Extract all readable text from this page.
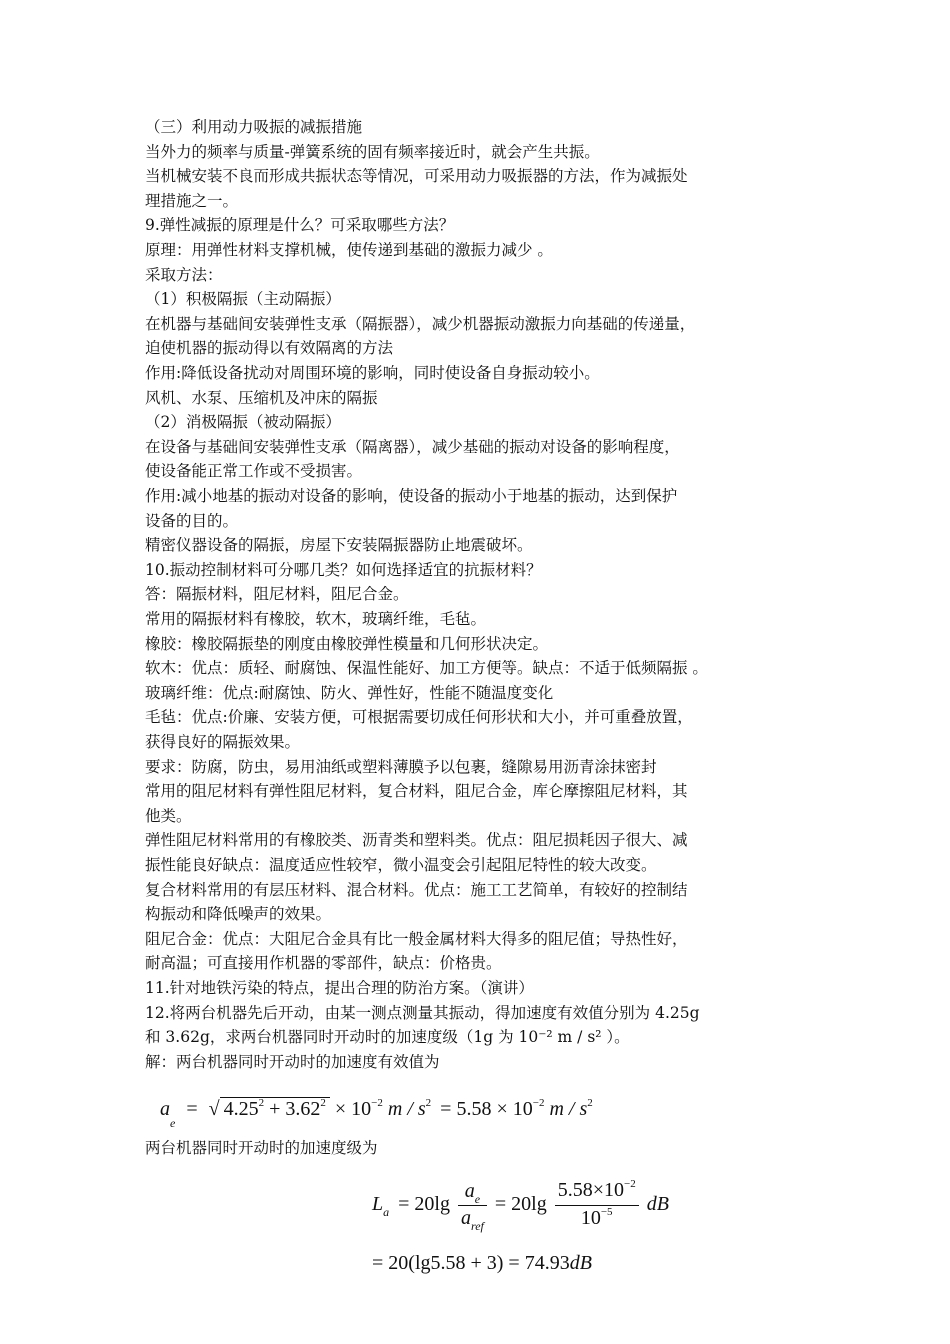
（三）利用动力吸振的减振措施
当外力的频率与质量-弹簧系统的固有频率接近时，就会产生共振。
当机械安装不良而形成共振状态等情况，可采用动力吸振器的方法，作为减振处
理措施之一。
9.弹性减振的原理是什么？可采取哪些方法？
原理：用弹性材料支撑机械，使传递到基础的激振力减少 。
采取方法：
（1）积极隔振（主动隔振）
在机器与基础间安装弹性支承（隔振器），减少机器振动激振力向基础的传递量，
迫使机器的振动得以有效隔离的方法
作用:降低设备扰动对周围环境的影响，同时使设备自身振动较小。
风机、水泵、压缩机及冲床的隔振
（2）消极隔振（被动隔振）
在设备与基础间安装弹性支承（隔离器），减少基础的振动对设备的影响程度，
使设备能正常工作或不受损害。
作用:减小地基的振动对设备的影响，使设备的振动小于地基的振动，达到保护
设备的目的。
精密仪器设备的隔振，房屋下安装隔振器防止地震破坏。
10.振动控制材料可分哪几类？如何选择适宜的抗振材料？
答：隔振材料，阻尼材料，阻尼合金。
常用的隔振材料有橡胶，软木，玻璃纤维，毛毡。
橡胶：橡胶隔振垫的刚度由橡胶弹性模量和几何形状决定。
软木：优点：质轻、耐腐蚀、保温性能好、加工方便等。缺点：不适于低频隔振 。
玻璃纤维：优点:耐腐蚀、防火、弹性好，性能不随温度变化
毛毡：优点:价廉、安装方便，可根据需要切成任何形状和大小，并可重叠放置，
获得良好的隔振效果。
要求：防腐，防虫，易用油纸或塑料薄膜予以包裹，缝隙易用沥青涂抹密封
常用的阻尼材料有弹性阻尼材料，复合材料，阻尼合金，库仑摩擦阻尼材料，其
他类。
弹性阻尼材料常用的有橡胶类、沥青类和塑料类。优点：阻尼损耗因子很大、减
振性能良好缺点：温度适应性较窄，微小温变会引起阻尼特性的较大改变。
复合材料常用的有层压材料、混合材料。优点：施工工艺简单，有较好的控制结
构振动和降低噪声的效果。
阻尼合金：优点：大阻尼合金具有比一般金属材料大得多的阻尼值；导热性好，
耐高温；可直接用作机器的零部件，缺点：价格贵。
11.针对地铁污染的特点，提出合理的防治方案。（演讲）
12.将两台机器先后开动，由某一测点测量其振动，得加速度有效值分别为 4.25g
和 3.62g，求两台机器同时开动时的加速度级（1g 为 10⁻² m / s² ）。
解：两台机器同时开动时的加速度有效值为
$a_e$ = √ $4.25^2 + 3.62^2 \times 10^{-2}$ $m / s^2 = 5.58 \times 10^{-2}$ m / $s^2$
两台机器同时开动时的加速度级为
$L_a = 20\lg \frac{a_e}{a_{ref}} = 20\lg \frac{5.58\times 10^{-2}}{10^{-5}}$ dB
= 20(lg5.58 + 3) = 74.93dB
